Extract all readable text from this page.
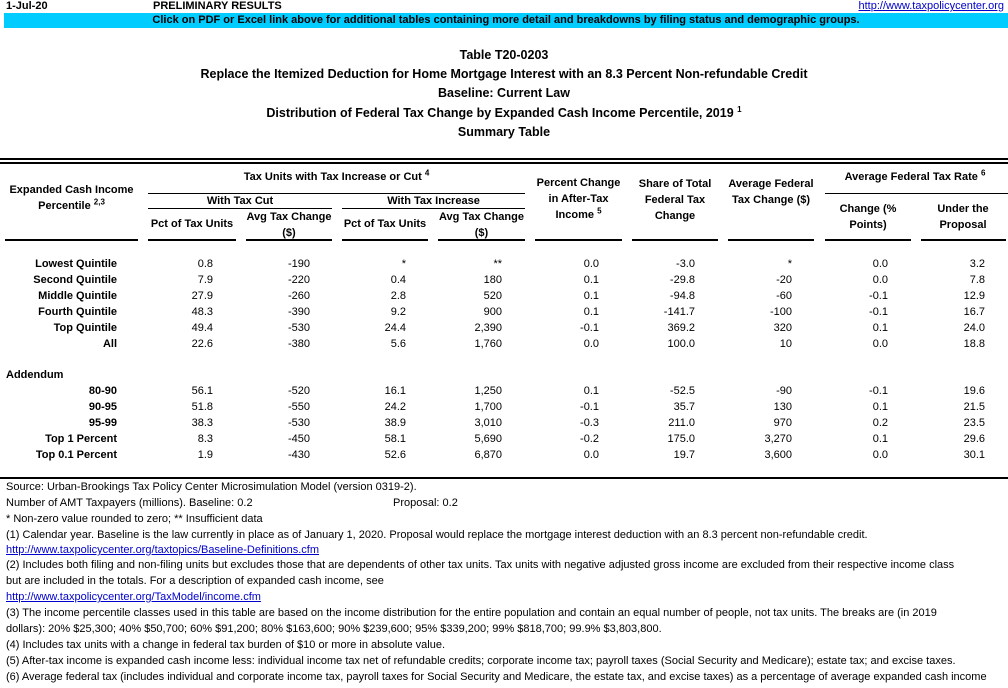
1-Jul-20	PRELIMINARY RESULTS	http://www.taxpolicycenter.org
Click on PDF or Excel link above for additional tables containing more detail and breakdowns by filing status and demographic groups.
Table T20-0203
Replace the Itemized Deduction for Home Mortgage Interest with an 8.3 Percent Non-refundable Credit
Baseline: Current Law
Distribution of Federal Tax Change by Expanded Cash Income Percentile, 2019 $^1$
Summary Table
Expanded Cash Income Percentile $^{2,3}$
Tax Units with Tax Increase or Cut $^4$
With Tax Cut	With Tax Increase
Pct of Tax Units
Avg Tax Change ($)
Pct of Tax Units
Avg Tax Change ($)
Percent Change in After-Tax Income $^5$
Share of Total Federal Tax Change
Average Federal Tax Change ($)
Average Federal Tax Rate $^6$
Change (% Points)
Under the Proposal
Lowest Quintile	0.8	-190	*	**	0.0	-3.0	*	0.0	3.2
Second Quintile	7.9	-220	0.4	180	0.1	-29.8	-20	0.0	7.8
Middle Quintile	27.9	-260	2.8	520	0.1	-94.8	-60	-0.1	12.9
Fourth Quintile	48.3	-390	9.2	900	0.1	-141.7	-100	-0.1	16.7
Top Quintile	49.4	-530	24.4	2,390	-0.1	369.2	320	0.1	24.0
All	22.6	-380	5.6	1,760	0.0	100.0	10	0.0	18.8
Addendum
80-90	56.1	-520	16.1	1,250	0.1	-52.5	-90	-0.1	19.6
90-95	51.8	-550	24.2	1,700	-0.1	35.7	130	0.1	21.5
95-99	38.3	-530	38.9	3,010	-0.3	211.0	970	0.2	23.5
Top 1 Percent	8.3	-450	58.1	5,690	-0.2	175.0	3,270	0.1	29.6
Top 0.1 Percent	1.9	-430	52.6	6,870	0.0	19.7	3,600	0.0	30.1
Source: Urban-Brookings Tax Policy Center Microsimulation Model (version 0319-2).
Number of AMT Taxpayers (millions). Baseline: 0.2	Proposal: 0.2
* Non-zero value rounded to zero; ** Insufficient data
(1) Calendar year. Baseline is the law currently in place as of January 1, 2020. Proposal would replace the mortgage interest deduction with an 8.3 percent non-refundable credit.
http://www.taxpolicycenter.org/taxtopics/Baseline-Definitions.cfm
(2) Includes both filing and non-filing units but excludes those that are dependents of other tax units. Tax units with negative adjusted gross income are excluded from their respective income class
but are included in the totals. For a description of expanded cash income, see
http://www.taxpolicycenter.org/TaxModel/income.cfm
(3) The income percentile classes used in this table are based on the income distribution for the entire population and contain an equal number of people, not tax units. The breaks are (in 2019
dollars): 20% $25,300; 40% $50,700; 60% $91,200; 80% $163,600; 90% $239,600; 95% $339,200; 99% $818,700; 99.9% $3,803,800.
(4) Includes tax units with a change in federal tax burden of $10 or more in absolute value.
(5) After-tax income is expanded cash income less: individual income tax net of refundable credits; corporate income tax; payroll taxes (Social Security and Medicare); estate tax; and excise taxes.
(6) Average federal tax (includes individual and corporate income tax, payroll taxes for Social Security and Medicare, the estate tax, and excise taxes) as a percentage of average expanded cash income
